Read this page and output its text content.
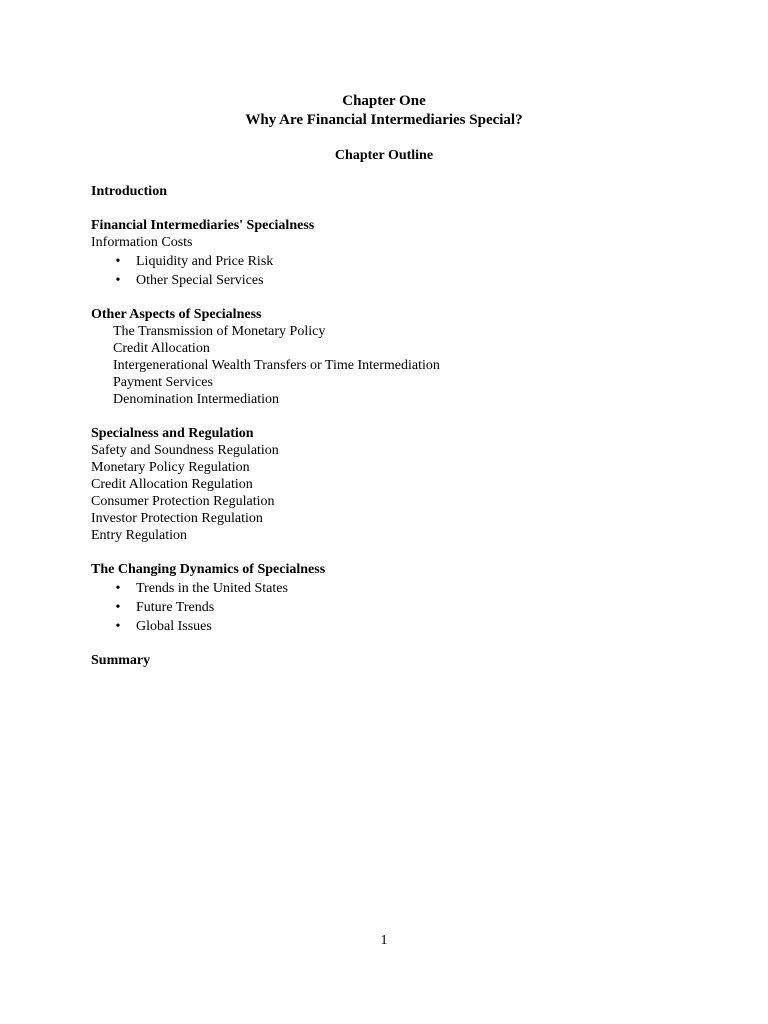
Chapter One

Why Are Financial Intermediaries Special?

Chapter Outline

Introduction

Financial Intermediaries' Specialness

Information Costs

• Liquidity and Price Risk
• Other Special Services

Other Aspects of Specialness

The Transmission of Monetary Policy

Credit Allocation

Intergenerational Wealth Transfers or Time Intermediation

Payment Services

Denomination Intermediation

Specialness and Regulation

Safety and Soundness Regulation

Monetary Policy Regulation

Credit Allocation Regulation

Consumer Protection Regulation

Investor Protection Regulation

Entry Regulation

The Changing Dynamics of Specialness

• Trends in the United States
• Future Trends
• Global Issues

Summary

1
